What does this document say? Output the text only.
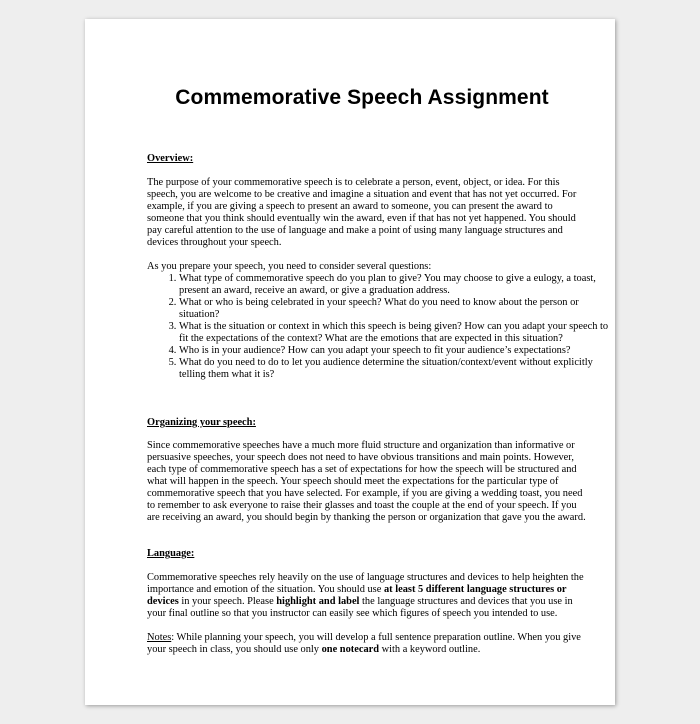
Commemorative Speech Assignment

Overview:

The purpose of your commemorative speech is to celebrate a person, event, object, or idea. For this speech, you are welcome to be creative and imagine a situation and event that has not yet occurred. For example, if you are giving a speech to present an award to someone, you can present the award to someone that you think should eventually win the award, even if that has not yet happened. You should pay careful attention to the use of language and make a point of using many language structures and devices throughout your speech.

As you prepare your speech, you need to consider several questions:

1. What type of commemorative speech do you plan to give? You may choose to give a eulogy, a toast, present an award, receive an award, or give a graduation address.
2. What or who is being celebrated in your speech? What do you need to know about the person or situation?
3. What is the situation or context in which this speech is being given? How can you adapt your speech to fit the expectations of the context? What are the emotions that are expected in this situation?
4. Who is in your audience? How can you adapt your speech to fit your audience’s expectations?
5. What do you need to do to let you audience determine the situation/context/event without explicitly telling them what it is?

Organizing your speech:

Since commemorative speeches have a much more fluid structure and organization than informative or persuasive speeches, your speech does not need to have obvious transitions and main points. However, each type of commemorative speech has a set of expectations for how the speech will be structured and what will happen in the speech. Your speech should meet the expectations for the particular type of commemorative speech that you have selected. For example, if you are giving a wedding toast, you need to remember to ask everyone to raise their glasses and toast the couple at the end of your speech. If you are receiving an award, you should begin by thanking the person or organization that gave you the award.

Language:

Commemorative speeches rely heavily on the use of language structures and devices to help heighten the importance and emotion of the situation. You should use at least 5 different language structures or devices in your speech. Please highlight and label the language structures and devices that you use in your final outline so that you instructor can easily see which figures of speech you intended to use.

Notes: While planning your speech, you will develop a full sentence preparation outline. When you give your speech in class, you should use only one notecard with a keyword outline.
